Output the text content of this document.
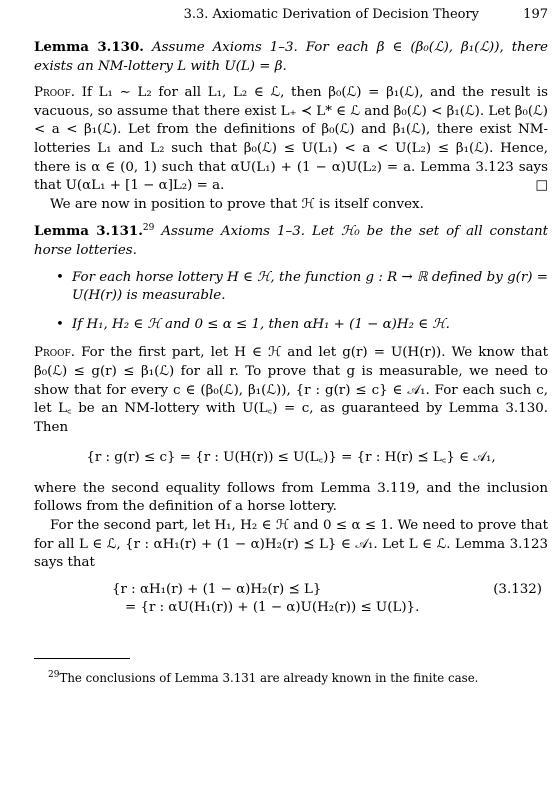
3.3. Axiomatic Derivation of Decision Theory	197

Lemma 3.130. Assume Axioms 1–3. For each β ∈ (β₀(ℒ), β₁(ℒ)), there exists an NM-lottery L with U(L) = β.

Proof. If L₁ ∼ L₂ for all L₁, L₂ ∈ ℒ, then β₀(ℒ) = β₁(ℒ), and the result is vacuous, so assume that there exist L₊ ≺ L* ∈ ℒ and β₀(ℒ) < β₁(ℒ). Let β₀(ℒ) < a < β₁(ℒ). Let from the definitions of β₀(ℒ) and β₁(ℒ), there exist NM-lotteries L₁ and L₂ such that β₀(ℒ) ≤ U(L₁) < a < U(L₂) ≤ β₁(ℒ). Hence, there is α ∈ (0, 1) such that αU(L₁) + (1 − α)U(L₂) = a. Lemma 3.123 says that U(αL₁ + [1 − α]L₂) = a.	□

We are now in position to prove that ℋ is itself convex.

Lemma 3.131.29 Assume Axioms 1–3. Let ℋ₀ be the set of all constant horse lotteries.

• For each horse lottery H ∈ ℋ, the function g : R → ℝ defined by g(r) = U(H(r)) is measurable.
• If H₁, H₂ ∈ ℋ and 0 ≤ α ≤ 1, then αH₁ + (1 − α)H₂ ∈ ℋ.

Proof. For the first part, let H ∈ ℋ and let g(r) = U(H(r)). We know that β₀(ℒ) ≤ g(r) ≤ β₁(ℒ) for all r. To prove that g is measurable, we need to show that for every c ∈ (β₀(ℒ), β₁(ℒ)), {r : g(r) ≤ c} ∈ 𝒜₁. For each such c, let L꜀ be an NM-lottery with U(L꜀) = c, as guaranteed by Lemma 3.130. Then

{r : g(r) ≤ c} = {r : U(H(r)) ≤ U(L꜀)} = {r : H(r) ⪯ L꜀} ∈ 𝒜₁,

where the second equality follows from Lemma 3.119, and the inclusion follows from the definition of a horse lottery.

For the second part, let H₁, H₂ ∈ ℋ and 0 ≤ α ≤ 1. We need to prove that for all L ∈ ℒ, {r : αH₁(r) + (1 − α)H₂(r) ⪯ L} ∈ 𝒜₁. Let L ∈ ℒ. Lemma 3.123 says that

{r : αH₁(r) + (1 − α)H₂(r) ⪯ L}
= {r : αU(H₁(r)) + (1 − α)U(H₂(r)) ≤ U(L)}.
(3.132)
$^{29}$The conclusions of Lemma 3.131 are already known in the finite case.
